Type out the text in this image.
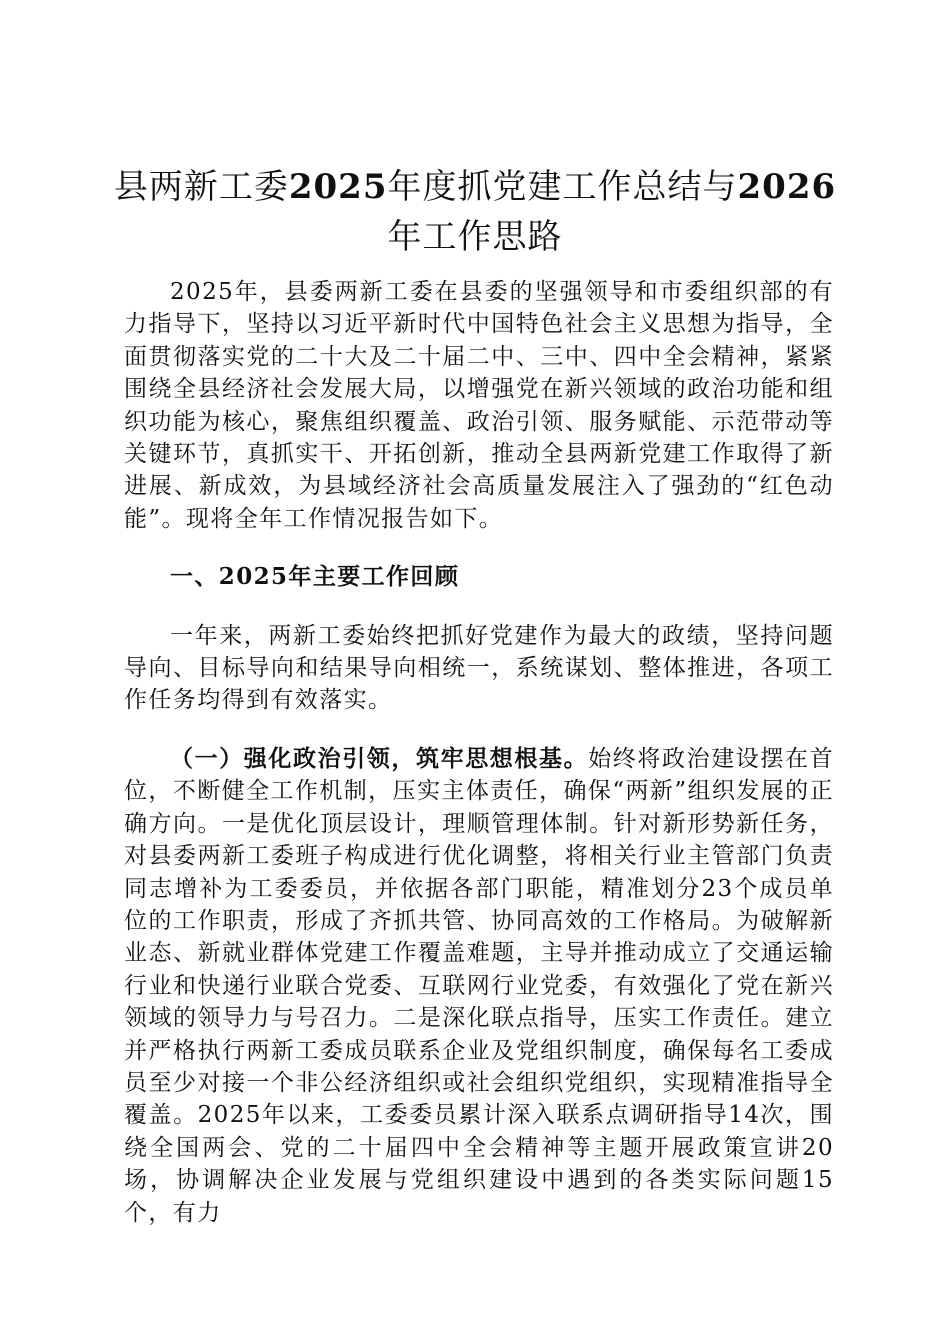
县两新工委2025年度抓党建工作总结与2026
年工作思路

2025年，县委两新工委在县委的坚强领导和市委组织部的有力指导下，坚持以习近平新时代中国特色社会主义思想为指导，全面贯彻落实党的二十大及二十届二中、三中、四中全会精神，紧紧围绕全县经济社会发展大局，以增强党在新兴领域的政治功能和组织功能为核心，聚焦组织覆盖、政治引领、服务赋能、示范带动等关键环节，真抓实干、开拓创新，推动全县两新党建工作取得了新进展、新成效，为县域经济社会高质量发展注入了强劲的“红色动能”。现将全年工作情况报告如下。

一、2025年主要工作回顾

一年来，两新工委始终把抓好党建作为最大的政绩，坚持问题导向、目标导向和结果导向相统一，系统谋划、整体推进，各项工作任务均得到有效落实。

（一）强化政治引领，筑牢思想根基。始终将政治建设摆在首位，不断健全工作机制，压实主体责任，确保“两新”组织发展的正确方向。一是优化顶层设计，理顺管理体制。针对新形势新任务，对县委两新工委班子构成进行优化调整，将相关行业主管部门负责同志增补为工委委员，并依据各部门职能，精准划分23个成员单位的工作职责，形成了齐抓共管、协同高效的工作格局。为破解新业态、新就业群体党建工作覆盖难题，主导并推动成立了交通运输行业和快递行业联合党委、互联网行业党委，有效强化了党在新兴领域的领导力与号召力。二是深化联点指导，压实工作责任。建立并严格执行两新工委成员联系企业及党组织制度，确保每名工委成员至少对接一个非公经济组织或社会组织党组织，实现精准指导全覆盖。2025年以来，工委委员累计深入联系点调研指导14次，围绕全国两会、党的二十届四中全会精神等主题开展政策宣讲20场，协调解决企业发展与党组织建设中遇到的各类实际问题15个，有力
